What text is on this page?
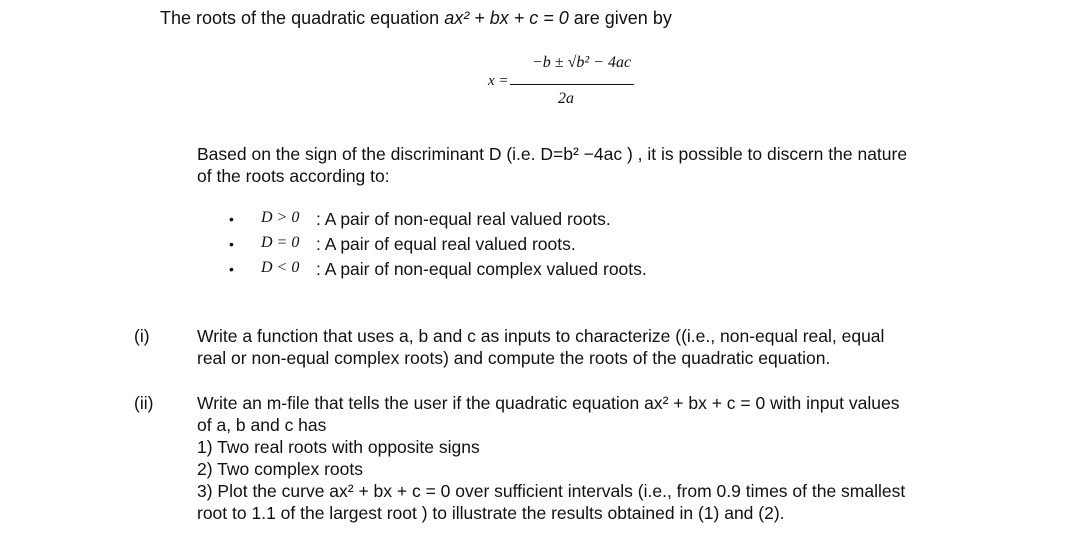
The roots of the quadratic equation ax² + bx + c = 0 are given by
x =
−b ± √b² − 4ac
2a
Based on the sign of the discriminant D (i.e. D=b² −4ac ) , it is possible to discern the nature
of the roots according to:
• D > 0 : A pair of non-equal real valued roots.
• D = 0 : A pair of equal real valued roots.
• D < 0 : A pair of non-equal complex valued roots.
(i)	Write a function that uses a, b and c as inputs to characterize ((i.e., non-equal real, equal
real or non-equal complex roots) and compute the roots of the quadratic equation.
(ii) Write an m-file that tells the user if the quadratic equation ax² + bx + c = 0 with input values
of a, b and c has
1) Two real roots with opposite signs
2) Two complex roots
3) Plot the curve ax² + bx + c = 0 over sufficient intervals (i.e., from 0.9 times of the smallest
root to 1.1 of the largest root ) to illustrate the results obtained in (1) and (2).
